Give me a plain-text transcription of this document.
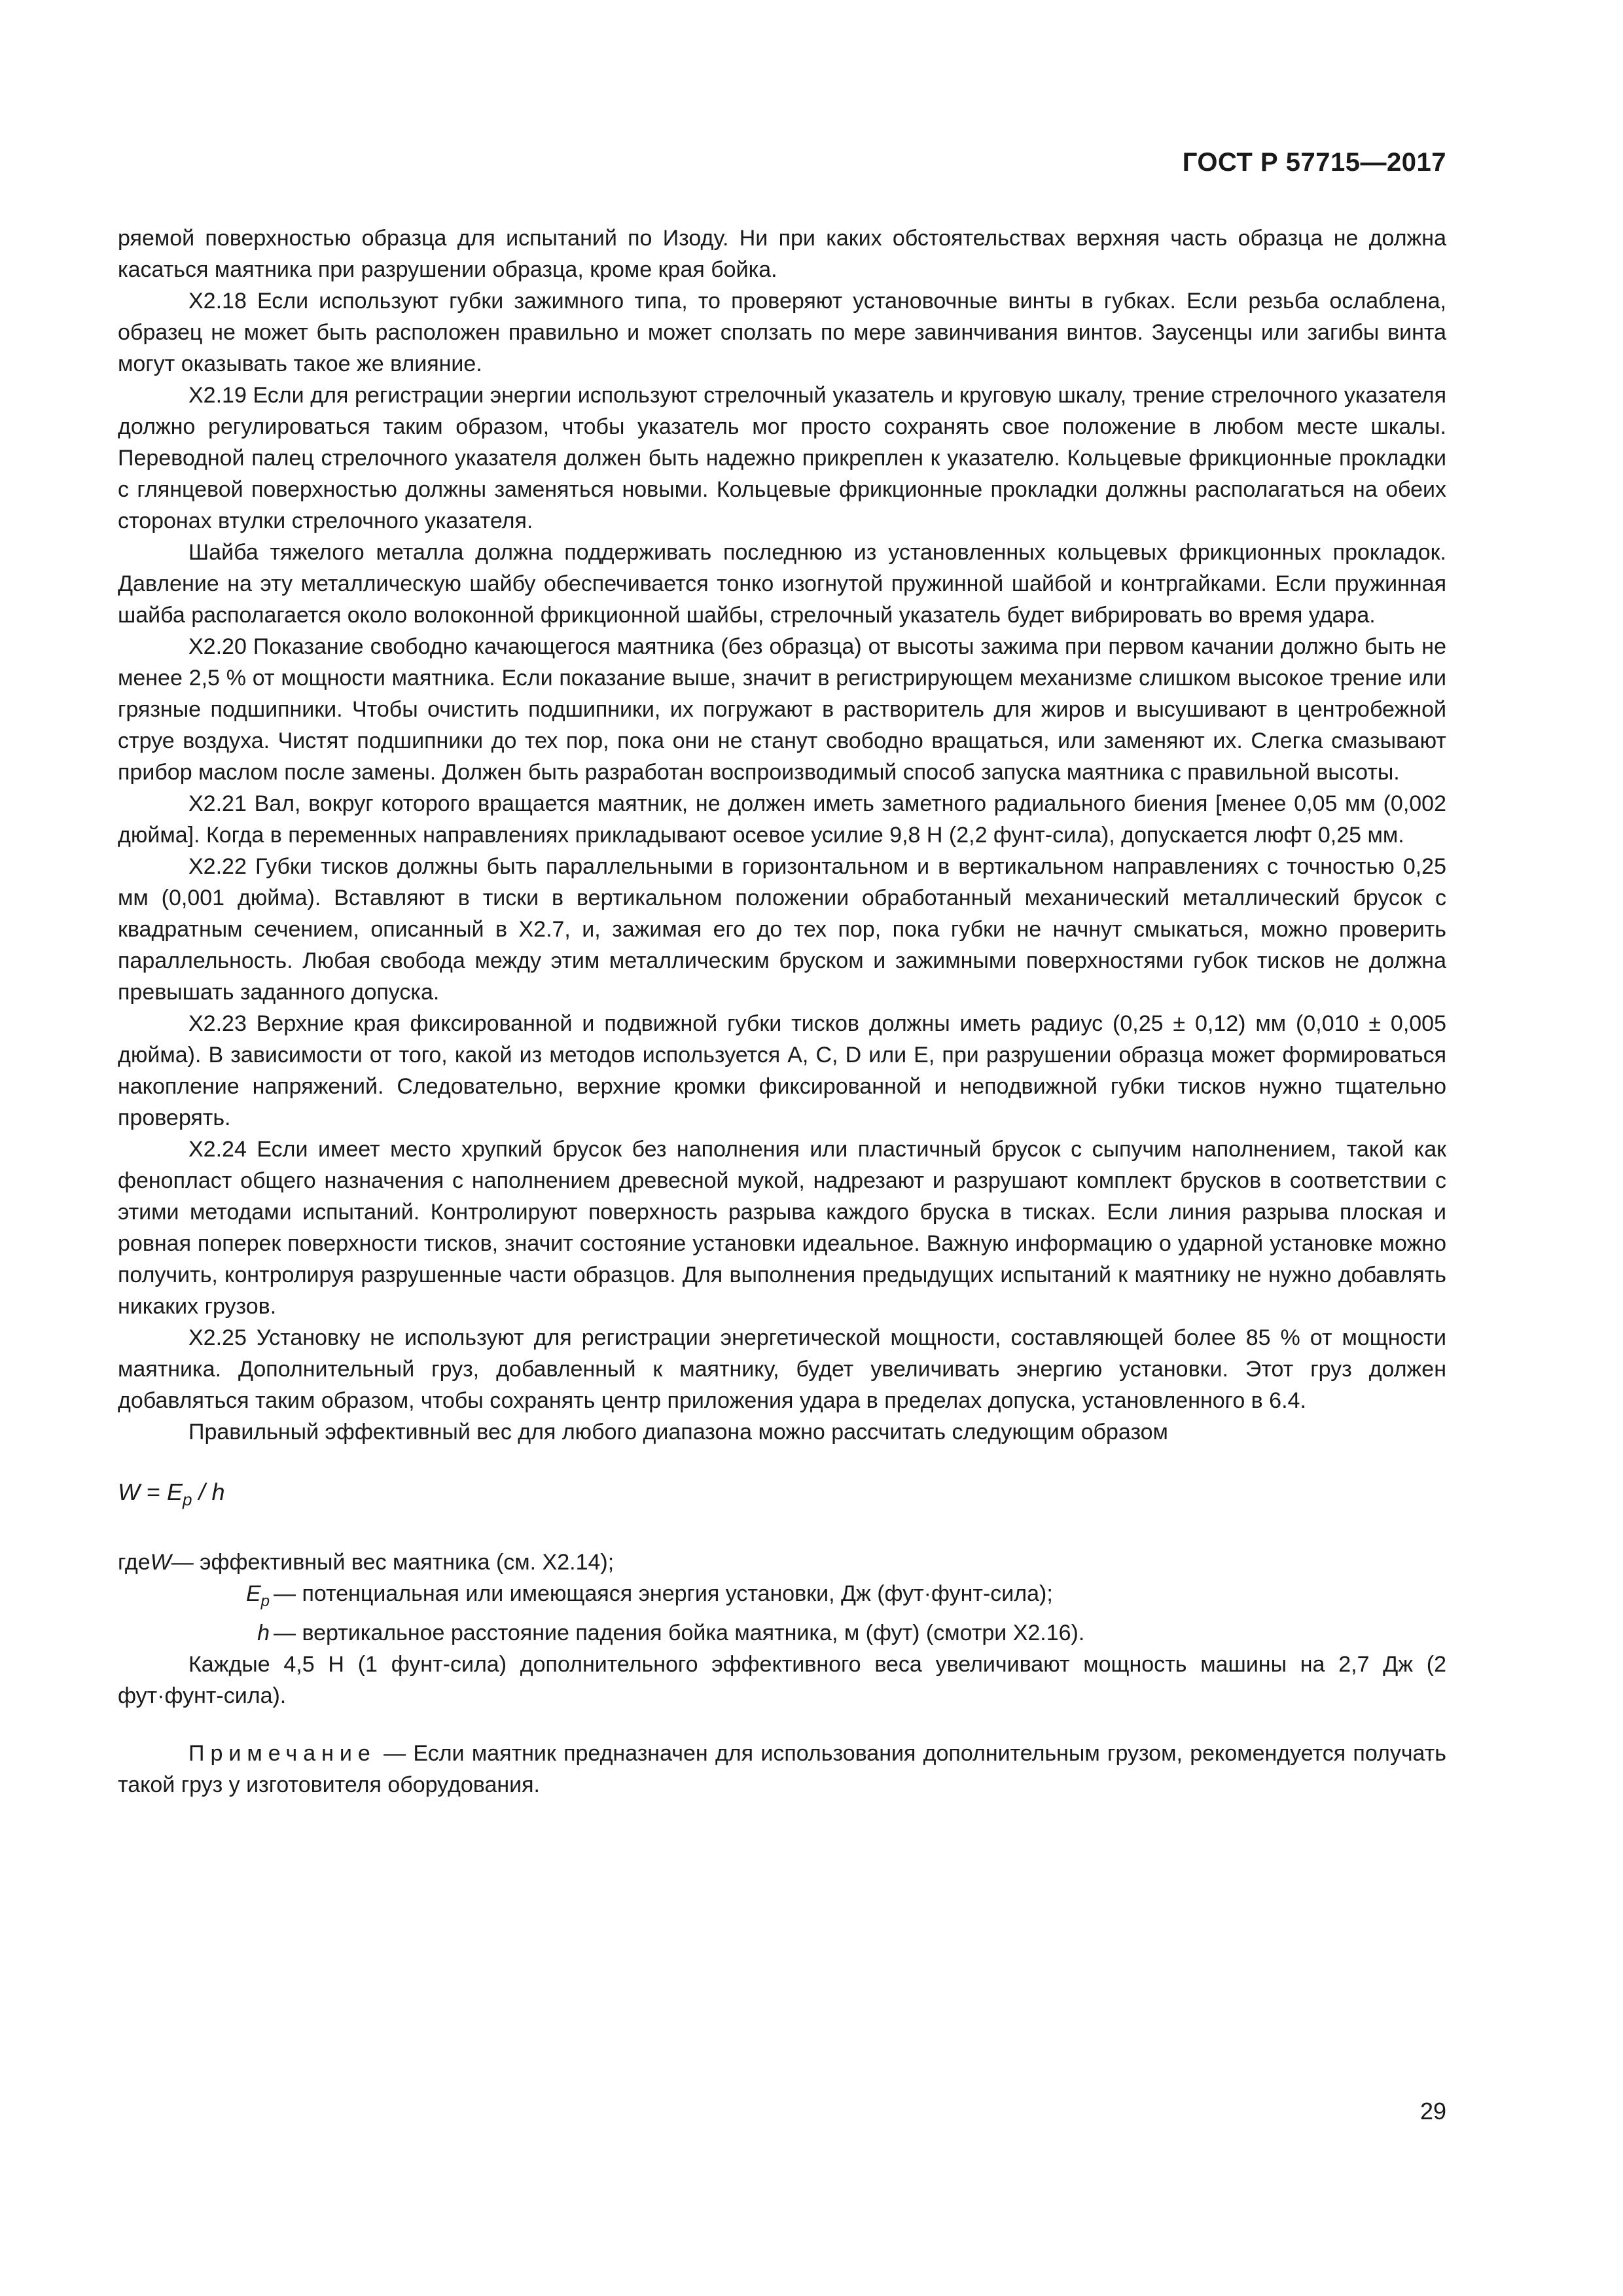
ГОСТ Р 57715—2017

ряемой поверхностью образца для испытаний по Изоду. Ни при каких обстоятельствах верхняя часть образца не должна касаться маятника при разрушении образца, кроме края бойка.

Х2.18 Если используют губки зажимного типа, то проверяют установочные винты в губках. Если резьба ослаблена, образец не может быть расположен правильно и может сползать по мере завинчивания винтов. Заусенцы или загибы винта могут оказывать такое же влияние.

Х2.19 Если для регистрации энергии используют стрелочный указатель и круговую шкалу, трение стрелочного указателя должно регулироваться таким образом, чтобы указатель мог просто сохранять свое положение в любом месте шкалы. Переводной палец стрелочного указателя должен быть надежно прикреплен к указателю. Кольцевые фрикционные прокладки с глянцевой поверхностью должны заменяться новыми. Кольцевые фрикционные прокладки должны располагаться на обеих сторонах втулки стрелочного указателя.

Шайба тяжелого металла должна поддерживать последнюю из установленных кольцевых фрикционных прокладок. Давление на эту металлическую шайбу обеспечивается тонко изогнутой пружинной шайбой и контргайками. Если пружинная шайба располагается около волоконной фрикционной шайбы, стрелочный указатель будет вибрировать во время удара.

Х2.20 Показание свободно качающегося маятника (без образца) от высоты зажима при первом качании должно быть не менее 2,5 % от мощности маятника. Если показание выше, значит в регистрирующем механизме слишком высокое трение или грязные подшипники. Чтобы очистить подшипники, их погружают в растворитель для жиров и высушивают в центробежной струе воздуха. Чистят подшипники до тех пор, пока они не станут свободно вращаться, или заменяют их. Слегка смазывают прибор маслом после замены. Должен быть разработан воспроизводимый способ запуска маятника с правильной высоты.

Х2.21 Вал, вокруг которого вращается маятник, не должен иметь заметного радиального биения [менее 0,05 мм (0,002 дюйма]. Когда в переменных направлениях прикладывают осевое усилие 9,8 Н (2,2 фунт-сила), допускается люфт 0,25 мм.

Х2.22 Губки тисков должны быть параллельными в горизонтальном и в вертикальном направлениях с точностью 0,25 мм (0,001 дюйма). Вставляют в тиски в вертикальном положении обработанный механический металлический брусок с квадратным сечением, описанный в Х2.7, и, зажимая его до тех пор, пока губки не начнут смыкаться, можно проверить параллельность. Любая свобода между этим металлическим бруском и зажимными поверхностями губок тисков не должна превышать заданного допуска.

Х2.23 Верхние края фиксированной и подвижной губки тисков должны иметь радиус (0,25 ± 0,12) мм (0,010 ± 0,005 дюйма). В зависимости от того, какой из методов используется А, С, D или Е, при разрушении образца может формироваться накопление напряжений. Следовательно, верхние кромки фиксированной и неподвижной губки тисков нужно тщательно проверять.

Х2.24 Если имеет место хрупкий брусок без наполнения или пластичный брусок с сыпучим наполнением, такой как фенопласт общего назначения с наполнением древесной мукой, надрезают и разрушают комплект брусков в соответствии с этими методами испытаний. Контролируют поверхность разрыва каждого бруска в тисках. Если линия разрыва плоская и ровная поперек поверхности тисков, значит состояние установки идеальное. Важную информацию о ударной установке можно получить, контролируя разрушенные части образцов. Для выполнения предыдущих испытаний к маятнику не нужно добавлять никаких грузов.

Х2.25 Установку не используют для регистрации энергетической мощности, составляющей более 85 % от мощности маятника. Дополнительный груз, добавленный к маятнику, будет увеличивать энергию установки. Этот груз должен добавляться таким образом, чтобы сохранять центр приложения удара в пределах допуска, установленного в 6.4.

Правильный эффективный вес для любого диапазона можно рассчитать следующим образом

$W = E_p / h$

где W — эффективный вес маятника (см. Х2.14);
$E_p$ — потенциальная или имеющаяся энергия установки, Дж (фут·фунт-сила);
h — вертикальное расстояние падения бойка маятника, м (фут) (смотри Х2.16).

Каждые 4,5 Н (1 фунт-сила) дополнительного эффективного веса увеличивают мощность машины на 2,7 Дж (2 фут·фунт-сила).

Примечание — Если маятник предназначен для использования дополнительным грузом, рекомендуется получать такой груз у изготовителя оборудования.

29
